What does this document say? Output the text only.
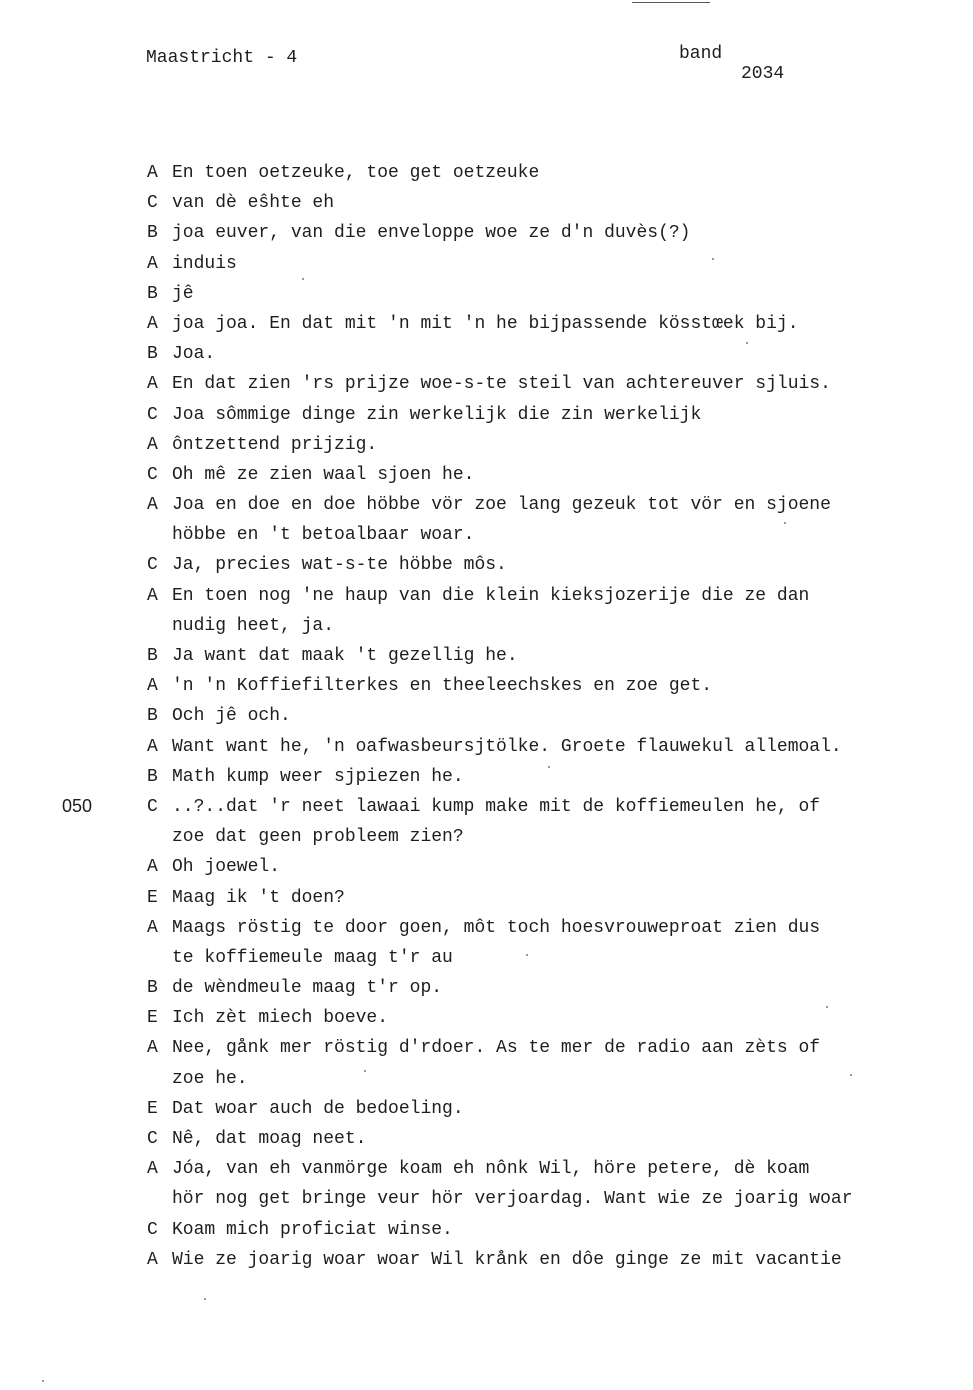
Maastricht - 4	band
2034
050
A En toen oetzeuke, toe get oetzeuke
C van dè eŝhte eh
B joa euver, van die enveloppe woe ze d'n duvès(?)
A induis
B jê
A joa joa. En dat mit 'n mit 'n he bijpassende kösstœek bij.
B Joa.
A En dat zien 'rs prijze woe-s-te steil van achtereuver sjluis.
C Joa sômmige dinge zin werkelijk die zin werkelijk
A ôntzettend prijzig.
C Oh mê ze zien waal sjoen he.
A Joa en doe en doe höbbe vör zoe lang gezeuk tot vör en sjoene
höbbe en 't betoalbaar woar.
C Ja, precies wat-s-te höbbe môs.
A En toen nog 'ne haup van die klein kieksjozerije die ze dan
nudig heet, ja.
B Ja want dat maak 't gezellig he.
A 'n 'n Koffiefilterkes en theeleechskes en zoe get.
B Och jê och.
A Want want he, 'n oafwasbeursjtölke. Groete flauwekul allemoal.
B Math kump weer sjpiezen he.
C ..?..dat 'r neet lawaai kump make mit de koffiemeulen he, of
zoe dat geen probleem zien?
A Oh joewel.
E Maag ik 't doen?
A Maags röstig te door goen, môt toch hoesvrouweproat zien dus
te koffiemeule maag t'r au
B de wèndmeule maag t'r op.
E Ich zèt miech boeve.
A Nee, gånk mer röstig d'rdoer. As te mer de radio aan zèts of
zoe he.
E Dat woar auch de bedoeling.
C Nê, dat moag neet.
A Jóa, van eh vanmörge koam eh nônk Wil, höre petere, dè koam
hör nog get bringe veur hör verjoardag. Want wie ze joarig woar
C Koam mich proficiat winse.
A Wie ze joarig woar woar Wil krånk en dôe ginge ze mit vacantie
